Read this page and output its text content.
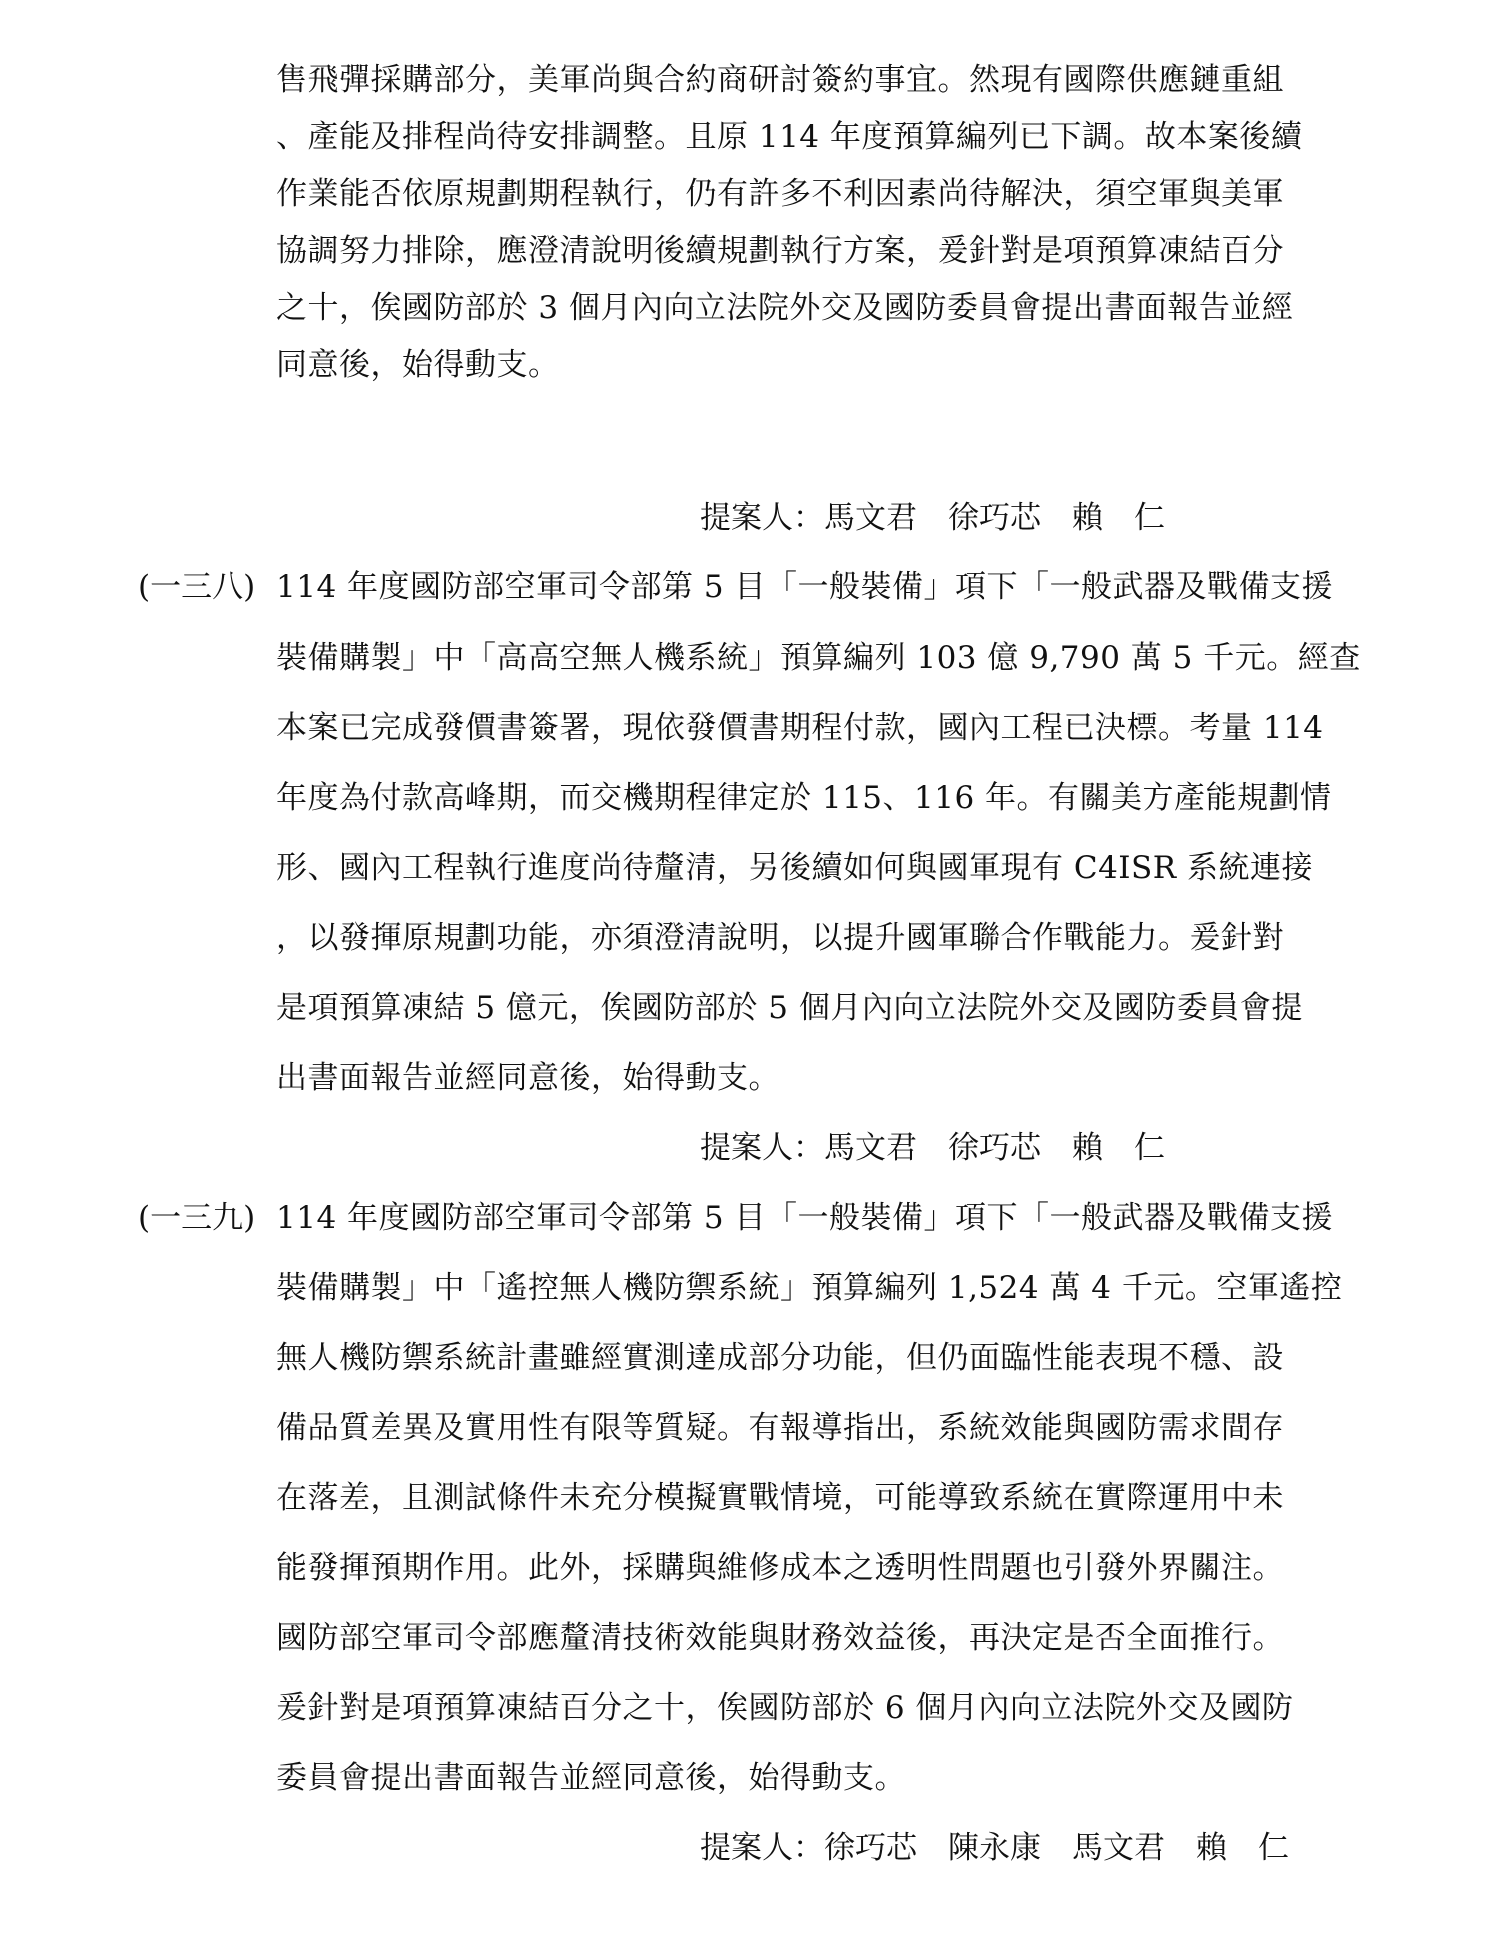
售飛彈採購部分，美軍尚與合約商研討簽約事宜。然現有國際供應鏈重組
、產能及排程尚待安排調整。且原 114 年度預算編列已下調。故本案後續
作業能否依原規劃期程執行，仍有許多不利因素尚待解決，須空軍與美軍
協調努力排除，應澄清說明後續規劃執行方案，爰針對是項預算凍結百分
之十，俟國防部於 3 個月內向立法院外交及國防委員會提出書面報告並經
同意後，始得動支。
提案人：馬文君　徐巧芯　賴　仁
(一三八) 114 年度國防部空軍司令部第 5 目「一般裝備」項下「一般武器及戰備支援
裝備購製」中「高高空無人機系統」預算編列 103 億 9,790 萬 5 千元。經查
本案已完成發價書簽署，現依發價書期程付款，國內工程已決標。考量 114
年度為付款高峰期，而交機期程律定於 115、116 年。有關美方產能規劃情
形、國內工程執行進度尚待釐清，另後續如何與國軍現有 C4ISR 系統連接
，以發揮原規劃功能，亦須澄清說明，以提升國軍聯合作戰能力。爰針對
是項預算凍結 5 億元，俟國防部於 5 個月內向立法院外交及國防委員會提
出書面報告並經同意後，始得動支。
提案人：馬文君　徐巧芯　賴　仁
(一三九) 114 年度國防部空軍司令部第 5 目「一般裝備」項下「一般武器及戰備支援
裝備購製」中「遙控無人機防禦系統」預算編列 1,524 萬 4 千元。空軍遙控
無人機防禦系統計畫雖經實測達成部分功能，但仍面臨性能表現不穩、設
備品質差異及實用性有限等質疑。有報導指出，系統效能與國防需求間存
在落差，且測試條件未充分模擬實戰情境，可能導致系統在實際運用中未
能發揮預期作用。此外，採購與維修成本之透明性問題也引發外界關注。
國防部空軍司令部應釐清技術效能與財務效益後，再決定是否全面推行。
爰針對是項預算凍結百分之十，俟國防部於 6 個月內向立法院外交及國防
委員會提出書面報告並經同意後，始得動支。
提案人：徐巧芯　陳永康　馬文君　賴　仁
